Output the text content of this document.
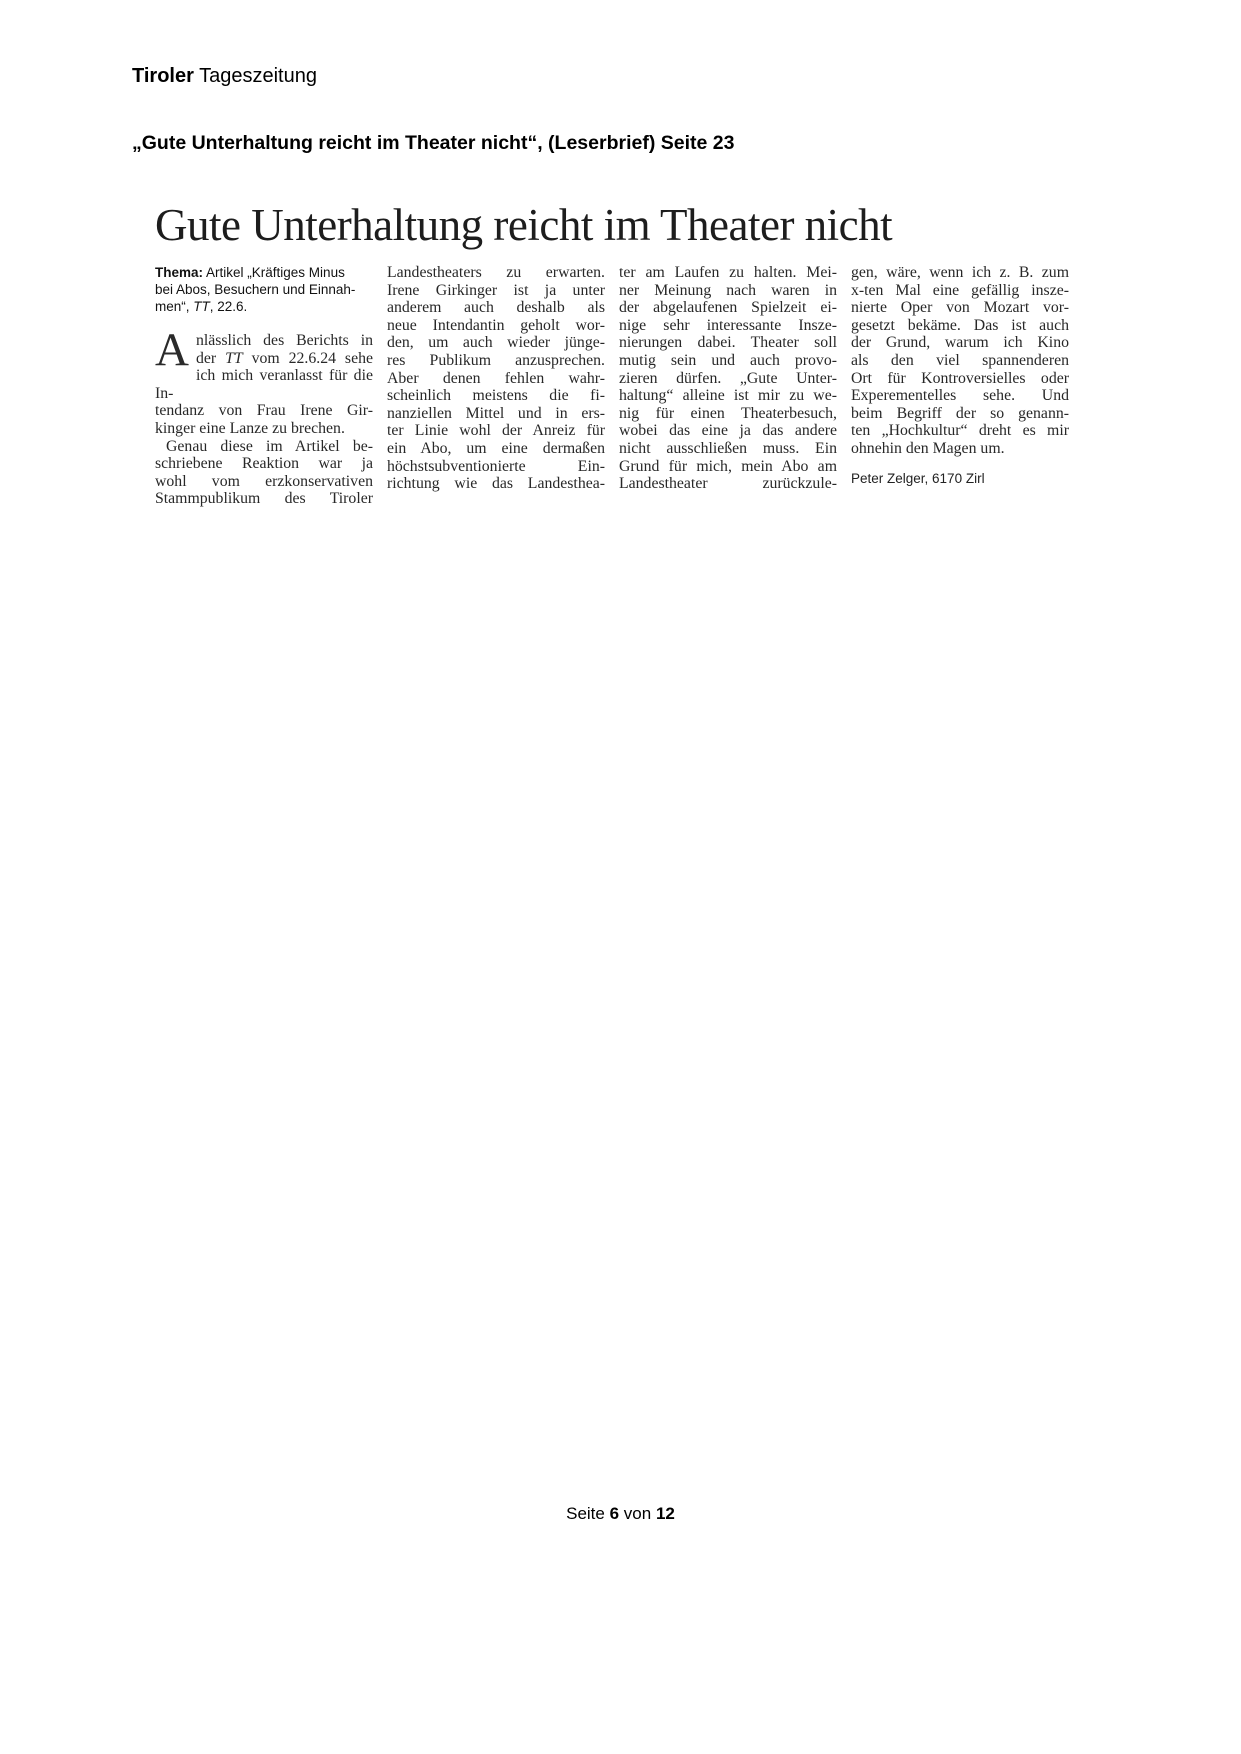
Tiroler Tageszeitung
„Gute Unterhaltung reicht im Theater nicht“, (Leserbrief) Seite 23
Gute Unterhaltung reicht im Theater nicht
Thema: Artikel „Kräftiges Minus
bei Abos, Besuchern und Einnah-
men“, TT, 22.6.
A nlässlich des Berichts in
der TT vom 22.6.24 sehe
ich mich veranlasst für die In-
tendanz von Frau Irene Gir-
kinger eine Lanze zu brechen.
Genau diese im Artikel be-
schriebene Reaktion war ja
wohl vom erzkonservativen
Stammpublikum des Tiroler
Landestheaters zu erwarten.
Irene Girkinger ist ja unter
anderem auch deshalb als
neue Intendantin geholt wor-
den, um auch wieder jünge-
res Publikum anzusprechen.
Aber denen fehlen wahr-
scheinlich meistens die fi-
nanziellen Mittel und in ers-
ter Linie wohl der Anreiz für
ein Abo, um eine dermaßen
höchstsubventionierte Ein-
richtung wie das Landesthea-
ter am Laufen zu halten. Mei-
ner Meinung nach waren in
der abgelaufenen Spielzeit ei-
nige sehr interessante Insze-
nierungen dabei. Theater soll
mutig sein und auch provo-
zieren dürfen. „Gute Unter-
haltung“ alleine ist mir zu we-
nig für einen Theaterbesuch,
wobei das eine ja das andere
nicht ausschließen muss. Ein
Grund für mich, mein Abo am
Landestheater zurückzule-
gen, wäre, wenn ich z. B. zum
x-ten Mal eine gefällig insze-
nierte Oper von Mozart vor-
gesetzt bekäme. Das ist auch
der Grund, warum ich Kino
als den viel spannenderen
Ort für Kontroversielles oder
Experementelles sehe. Und
beim Begriff der so genann-
ten „Hochkultur“ dreht es mir
ohnehin den Magen um.
Peter Zelger, 6170 Zirl
Seite 6 von 12
